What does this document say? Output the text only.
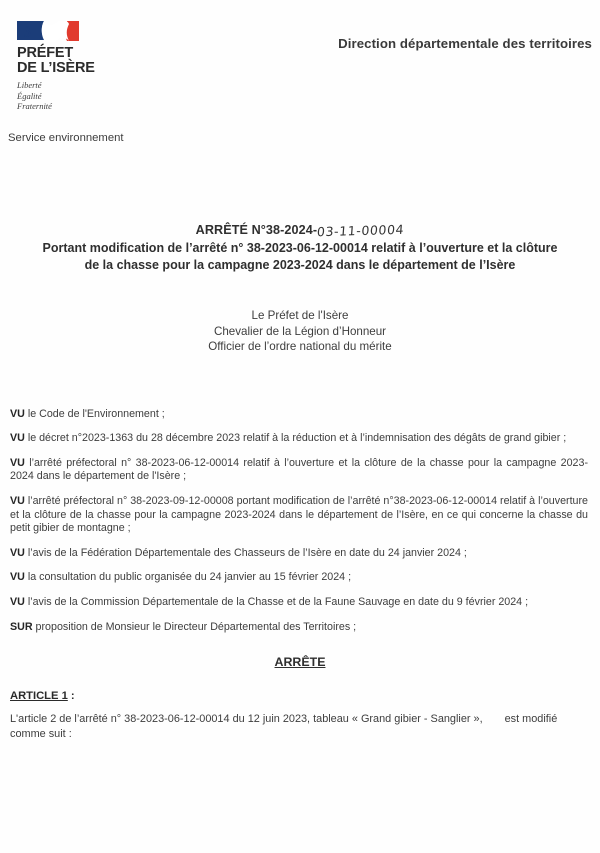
PRÉFET
DE L’ISÈRE
Liberté
Égalité
Fraternité
Direction départementale des territoires
Service environnement
ARRÊTÉ N°38-2024-03-11-00004
Portant modification de l’arrêté n° 38-2023-06-12-00014 relatif à l’ouverture et la clôture
de la chasse pour la campagne 2023-2024 dans le département de l’Isère
Le Préfet de l'Isère
Chevalier de la Légion d’Honneur
Officier de l’ordre national du mérite

VU le Code de l'Environnement ;

VU le décret n°2023-1363 du 28 décembre 2023 relatif à la réduction et à l’indemnisation des dégâts de grand gibier ;

VU l’arrêté préfectoral n° 38-2023-06-12-00014 relatif à l’ouverture et la clôture de la chasse pour la campagne 2023-2024 dans le département de l'Isère ;

VU l’arrêté préfectoral n° 38-2023-09-12-00008 portant modification de l’arrêté n°38-2023-06-12-00014 relatif à l’ouverture et la clôture de la chasse pour la campagne 2023-2024 dans le département de l’Isère, en ce qui concerne la chasse du petit gibier de montagne ;

VU l’avis de la Fédération Départementale des Chasseurs de l’Isère en date du 24 janvier 2024 ;

VU la consultation du public organisée du 24 janvier au 15 février 2024 ;

VU l’avis de la Commission Départementale de la Chasse et de la Faune Sauvage en date du 9 février 2024 ;

SUR proposition de Monsieur le Directeur Départemental des Territoires ;

ARRÊTE
ARTICLE 1 :
L'article 2 de l’arrêté n° 38-2023-06-12-00014 du 12 juin 2023, tableau « Grand gibier - Sanglier », est modifié comme suit :
